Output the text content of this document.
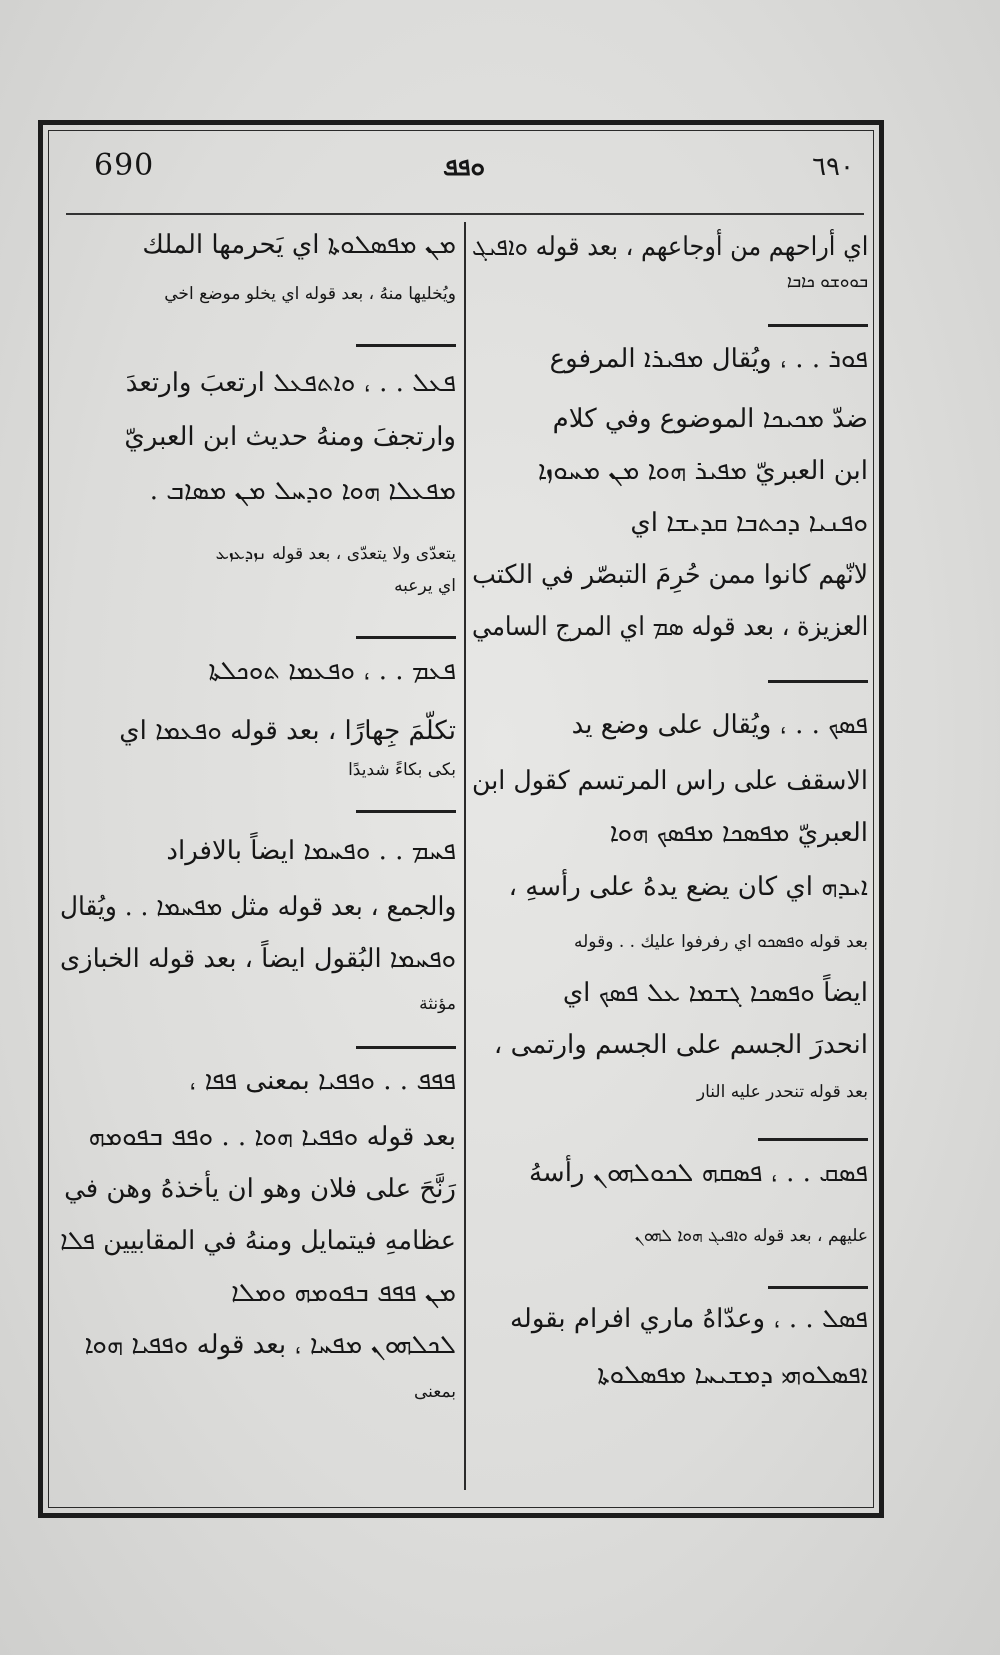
690	ܘܦܦ	٦٩٠
اي أراحهم من أوجاعهم ، بعد قوله ܘܐܦܝܓ
ܒܘܘܫܘ ܟܐܒܐ
ܦܘܪ . . ، ويُقال ܡܦܝܪܐ المرفوع
ضدّ ܡܟܝܟܐ الموضوع وفي كلام
ابن العبريّ ܡܦܝܪ ܗܘܐ ܡܢ ܡܚܘܙܐ
ܘܦܢܝܐ ܕܟܬܒܐ ܩܕܝܫܐ اي
لانّهم كانوا ممن حُرِمَ التبصّر في الكتب
العزيزة ، بعد قوله ܣܡ اي المرج السامي
ܦܣܟ . . ، ويُقال على وضع يد
الاسقف على راس المرتسم كقول ابن
العبريّ ܡܦܣܟܐ ܡܦܣܟ ܗܘܐ
ܐܝܕܗ اي كان يضع يدهُ على رأسهِ ،
بعد قوله ܘܦܣܟܘ اي رفرفوا عليك . . وقوله
ايضاً ܘܦܣܟܐ ܓܫܡܐ ܥܠ ܦܣܟ اي
انحدرَ الجسم على الجسم وارتمى ،
بعد قوله تنحدر عليه النار
ܦܣܩ . . ، ܦܣܩܗ ܠܟܘܠܗܘܢ رأسهُ
عليهم ، بعد قوله ܘܐܦܝܓ ܗܘܐ ܠܗܘܢ
ܦܣܠ . . ، وعدّاهُ ماري افرام بقوله
ܐܦܣܠܘܗܝ ܕܡܫܝܚܐ ܡܦܣܠܘܬܐ
ܡܢ ܡܦܣܠܘܬܐ اي يَحرمها الملك
ويُخليها منهُ ، بعد قوله اي يخلو موضع اخي
ܦܥܠ . . ، ܘܐܬܦܥܠ ارتعبَ وارتعدَ
وارتجفَ ومنهُ حديث ابن العبريّ
ܡܦܥܠܐ ܗܘܐ ܘܕܚܠ ܡܢ ܡܣܐܒ .
يتعدّى ولا يتعدّى ، بعد قوله ܢܙܕܥܙܥ
اي يرعبه
ܦܥܡ . . ، ܘܦܥܡܐ ܬܘܟܠܬܐ
تكلّمَ جِهارًا ، بعد قوله ܘܦܥܡܐ اي
بكى بكاءً شديدًا
ܦܚܡ . . ܘܦܚܡܐ ايضاً بالافراد
والجمع ، بعد قوله مثل ܡܦܚܡܐ . . ويُقال
ܘܦܚܡܐ البُقول ايضاً ، بعد قوله الخبازى
مؤنثة
ܦܦܦ . . ܘܦܦܝܐ بمعنى ܦܦܐ ،
بعد قوله ܘܦܦܝܐ ܗܘܐ . . ܘܦܦ ܒܦܘܡܗ
رَنَّحَ على فلان وهو ان يأخذهُ وهن في
عظامهِ فيتمايل ومنهُ في المقابيين ܦܠܐ
ܡܢ ܦܦܦ ܒܦܘܡܗ ܘܡܠܐ
ܠܟܠܗܘܢ ܡܦܚܐ ، بعد قوله ܘܦܦܝܐ ܗܘܐ
بمعنى
